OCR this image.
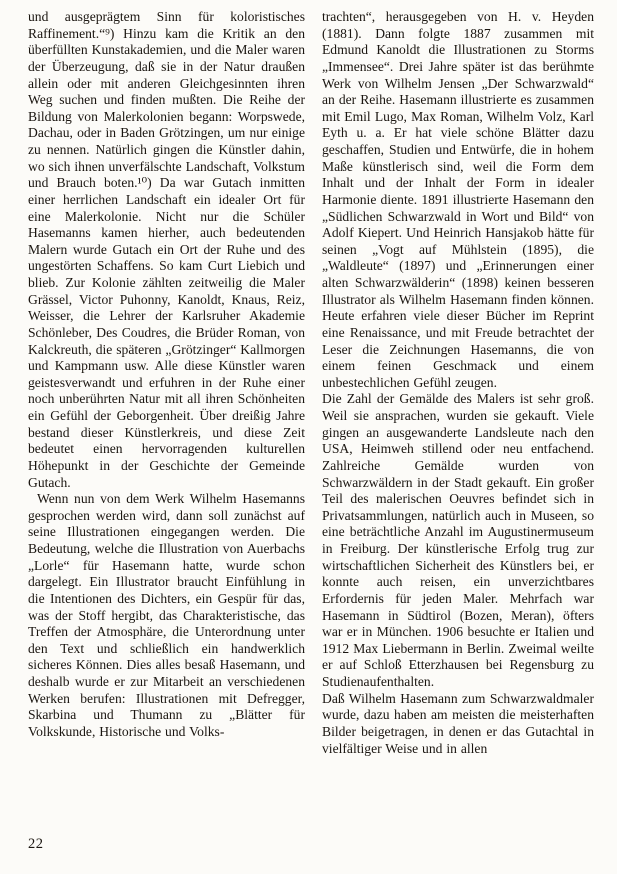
und ausgeprägtem Sinn für koloristisches Raffinement.“⁹) Hinzu kam die Kritik an den überfüllten Kunstakademien, und die Maler waren der Überzeugung, daß sie in der Natur draußen allein oder mit anderen Gleichgesinnten ihren Weg suchen und finden mußten. Die Reihe der Bildung von Malerkolonien begann: Worpswede, Dachau, oder in Baden Grötzingen, um nur einige zu nennen. Natürlich gingen die Künstler dahin, wo sich ihnen unverfälschte Landschaft, Volkstum und Brauch boten.¹⁰) Da war Gutach inmitten einer herrlichen Landschaft ein idealer Ort für eine Malerkolonie. Nicht nur die Schüler Hasemanns kamen hierher, auch bedeutenden Malern wurde Gutach ein Ort der Ruhe und des ungestörten Schaffens. So kam Curt Liebich und blieb. Zur Kolonie zählten zeitweilig die Maler Grässel, Victor Puhonny, Kanoldt, Knaus, Reiz, Weisser, die Lehrer der Karlsruher Akademie Schönleber, Des Coudres, die Brüder Roman, von Kalckreuth, die späteren „Grötzinger“ Kallmorgen und Kampmann usw. Alle diese Künstler waren geistesverwandt und erfuhren in der Ruhe einer noch unberührten Natur mit all ihren Schönheiten ein Gefühl der Geborgenheit. Über dreißig Jahre bestand dieser Künstlerkreis, und diese Zeit bedeutet einen hervorragenden kulturellen Höhepunkt in der Geschichte der Gemeinde Gutach.

Wenn nun von dem Werk Wilhelm Hasemanns gesprochen werden wird, dann soll zunächst auf seine Illustrationen eingegangen werden. Die Bedeutung, welche die Illustration von Auerbachs „Lorle“ für Hasemann hatte, wurde schon dargelegt. Ein Illustrator braucht Einfühlung in die Intentionen des Dichters, ein Gespür für das, was der Stoff hergibt, das Charakteristische, das Treffen der Atmosphäre, die Unterordnung unter den Text und schließlich ein handwerklich sicheres Können. Dies alles besaß Hasemann, und deshalb wurde er zur Mitarbeit an verschiedenen Werken berufen: Illustrationen mit Defregger, Skarbina und Thumann zu „Blätter für Volkskunde, Historische und Volks-

trachten“, herausgegeben von H. v. Heyden (1881). Dann folgte 1887 zusammen mit Edmund Kanoldt die Illustrationen zu Storms „Immensee“. Drei Jahre später ist das berühmte Werk von Wilhelm Jensen „Der Schwarzwald“ an der Reihe. Hasemann illustrierte es zusammen mit Emil Lugo, Max Roman, Wilhelm Volz, Karl Eyth u. a. Er hat viele schöne Blätter dazu geschaffen, Studien und Entwürfe, die in hohem Maße künstlerisch sind, weil die Form dem Inhalt und der Inhalt der Form in idealer Harmonie diente. 1891 illustrierte Hasemann den „Südlichen Schwarzwald in Wort und Bild“ von Adolf Kiepert. Und Heinrich Hansjakob hätte für seinen „Vogt auf Mühlstein (1895), die „Waldleute“ (1897) und „Erinnerungen einer alten Schwarzwälderin“ (1898) keinen besseren Illustrator als Wilhelm Hasemann finden können. Heute erfahren viele dieser Bücher im Reprint eine Renaissance, und mit Freude betrachtet der Leser die Zeichnungen Hasemanns, die von einem feinen Geschmack und einem unbestechlichen Gefühl zeugen.

Die Zahl der Gemälde des Malers ist sehr groß. Weil sie ansprachen, wurden sie gekauft. Viele gingen an ausgewanderte Landsleute nach den USA, Heimweh stillend oder neu entfachend. Zahlreiche Gemälde wurden von Schwarzwäldern in der Stadt gekauft. Ein großer Teil des malerischen Oeuvres befindet sich in Privatsammlungen, natürlich auch in Museen, so eine beträchtliche Anzahl im Augustinermuseum in Freiburg. Der künstlerische Erfolg trug zur wirtschaftlichen Sicherheit des Künstlers bei, er konnte auch reisen, ein unverzichtbares Erfordernis für jeden Maler. Mehrfach war Hasemann in Südtirol (Bozen, Meran), öfters war er in München. 1906 besuchte er Italien und 1912 Max Liebermann in Berlin. Zweimal weilte er auf Schloß Etterzhausen bei Regensburg zu Studienaufenthalten.

Daß Wilhelm Hasemann zum Schwarzwaldmaler wurde, dazu haben am meisten die meisterhaften Bilder beigetragen, in denen er das Gutachtal in vielfältiger Weise und in allen

22
